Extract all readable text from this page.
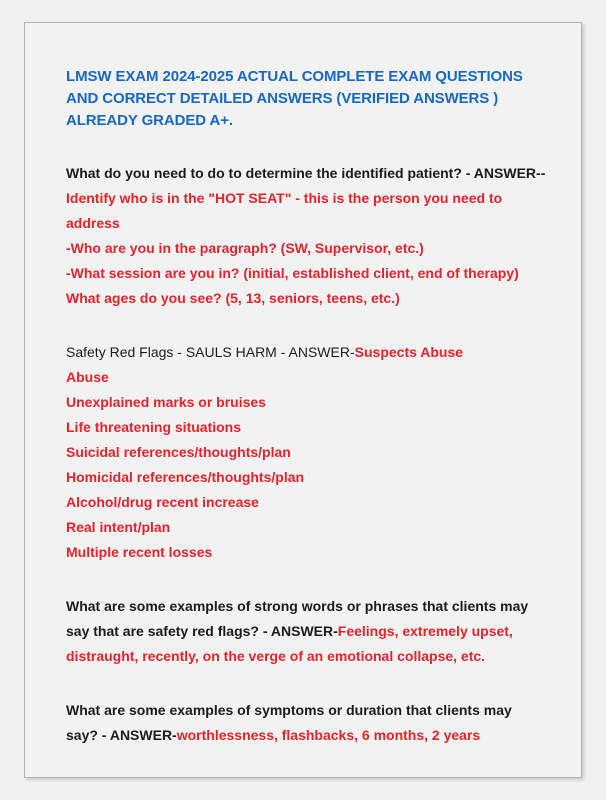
LMSW EXAM 2024-2025 ACTUAL COMPLETE EXAM QUESTIONS AND CORRECT DETAILED ANSWERS (VERIFIED ANSWERS ) ALREADY GRADED A+.
What do you need to do to determine the identified patient? - ANSWER--Identify who is in the "HOT SEAT" - this is the person you need to address
-Who are you in the paragraph? (SW, Supervisor, etc.)
-What session are you in? (initial, established client, end of therapy)
What ages do you see? (5, 13, seniors, teens, etc.)
Safety Red Flags - SAULS HARM - ANSWER-Suspects Abuse
Abuse
Unexplained marks or bruises
Life threatening situations
Suicidal references/thoughts/plan
Homicidal references/thoughts/plan
Alcohol/drug recent increase
Real intent/plan
Multiple recent losses
What are some examples of strong words or phrases that clients may say that are safety red flags? - ANSWER-Feelings, extremely upset, distraught, recently, on the verge of an emotional collapse, etc.
What are some examples of symptoms or duration that clients may say? - ANSWER-worthlessness, flashbacks, 6 months, 2 years
